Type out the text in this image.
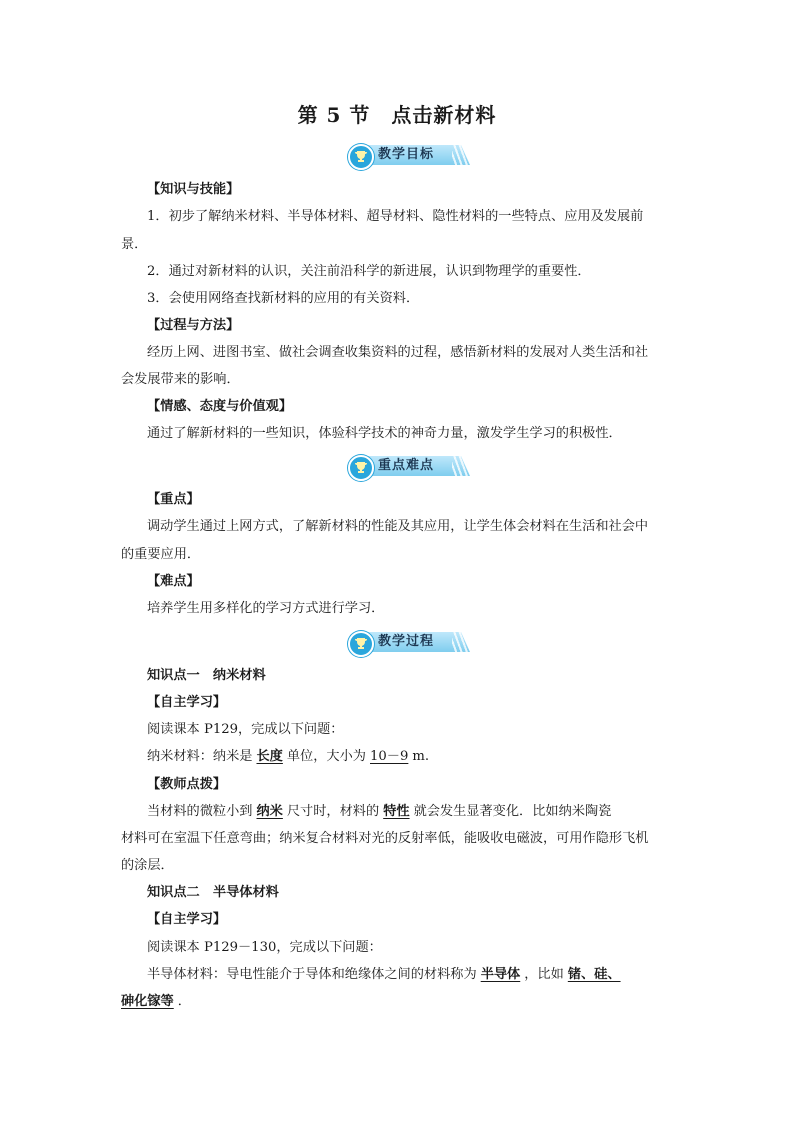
第 5 节　点击新材料
教学目标
【知识与技能】
1．初步了解纳米材料、半导体材料、超导材料、隐性材料的一些特点、应用及发展前
景．
2．通过对新材料的认识，关注前沿科学的新进展，认识到物理学的重要性．
3．会使用网络查找新材料的应用的有关资料．
【过程与方法】
经历上网、进图书室、做社会调查收集资料的过程，感悟新材料的发展对人类生活和社
会发展带来的影响．
【情感、态度与价值观】
通过了解新材料的一些知识，体验科学技术的神奇力量，激发学生学习的积极性．
重点难点
【重点】
调动学生通过上网方式，了解新材料的性能及其应用，让学生体会材料在生活和社会中
的重要应用．
【难点】
培养学生用多样化的学习方式进行学习．
教学过程
知识点一　纳米材料
【自主学习】
阅读课本 P129，完成以下问题：
纳米材料：纳米是 长度 单位，大小为 10－9 m.
【教师点拨】
当材料的微粒小到 纳米 尺寸时，材料的 特性 就会发生显著变化．比如纳米陶瓷
材料可在室温下任意弯曲；纳米复合材料对光的反射率低，能吸收电磁波，可用作隐形飞机
的涂层．
知识点二　半导体材料
【自主学习】
阅读课本 P129－130，完成以下问题：
半导体材料：导电性能介于导体和绝缘体之间的材料称为 半导体 ，比如 锗、硅、
砷化镓等 ．
